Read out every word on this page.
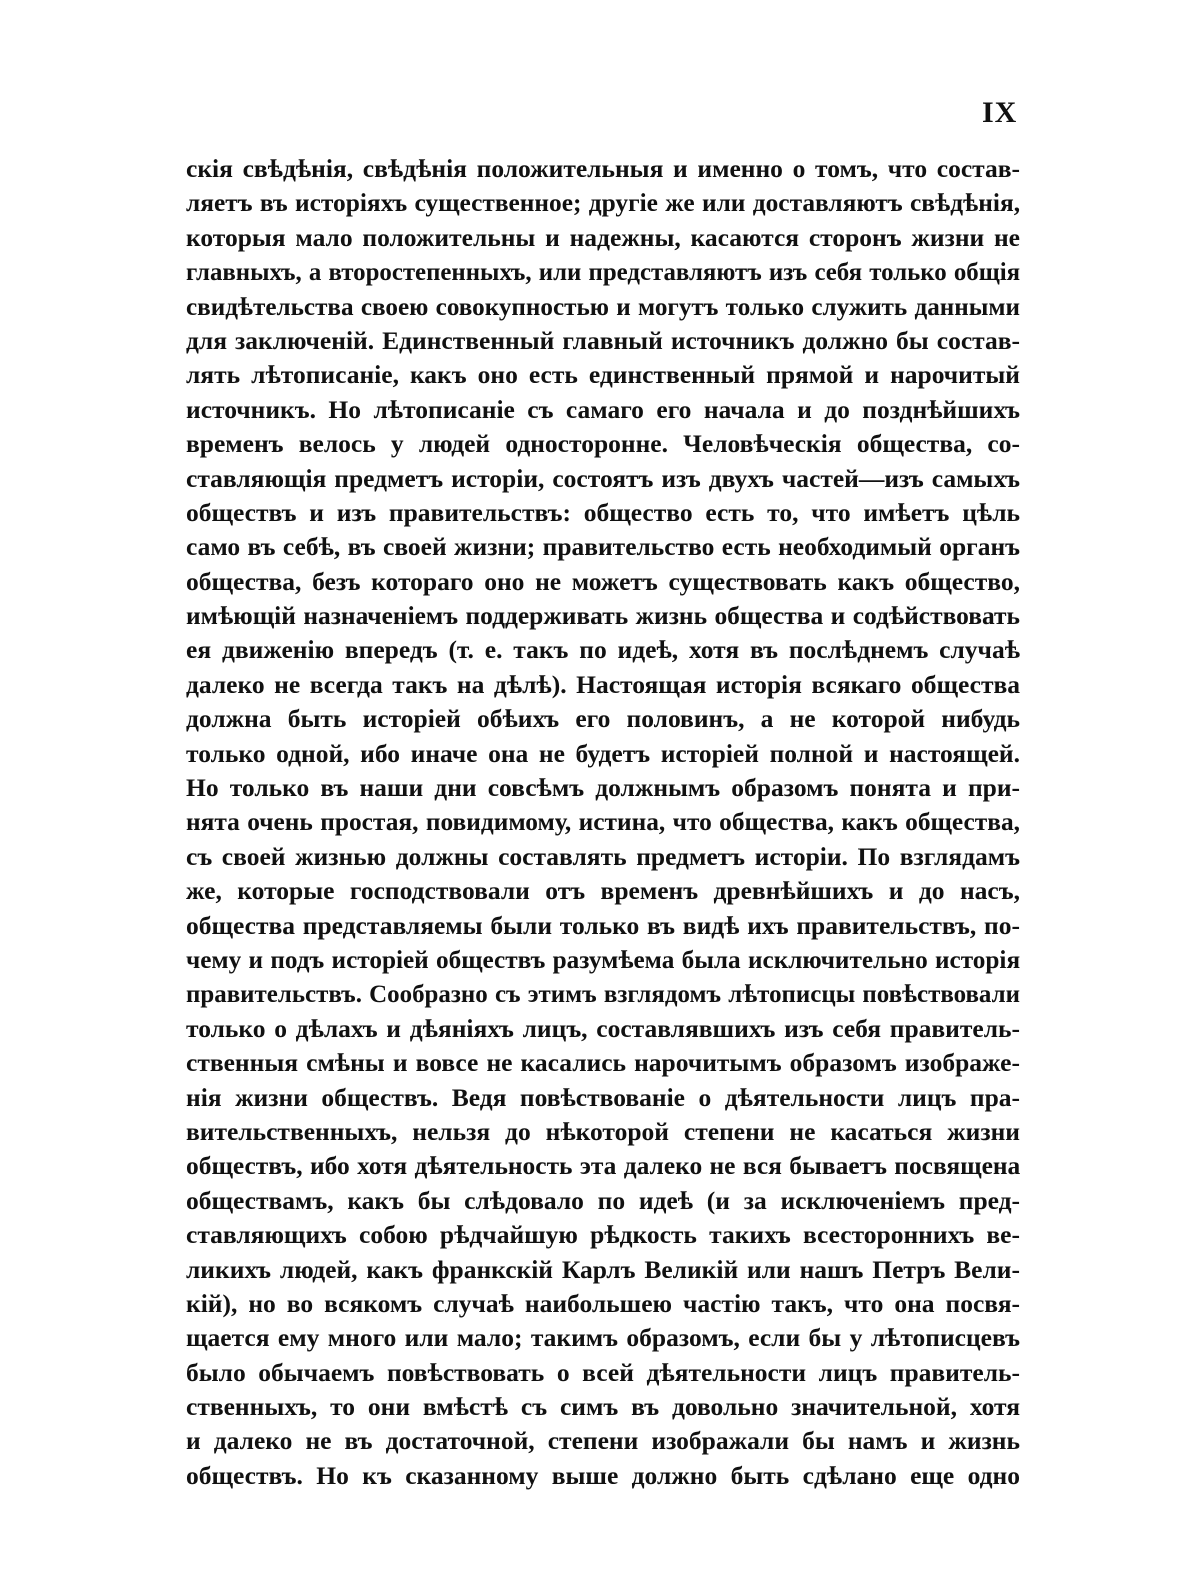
IX
скія свѣдѣнія, свѣдѣнія положительныя и именно о томъ, что состав-
ляетъ въ исторіяхъ существенное; другіе же или доставляютъ свѣдѣнія,
которыя мало положительны и надежны, касаются сторонъ жизни не
главныхъ, а второстепенныхъ, или представляютъ изъ себя только общія
свидѣтельства своею совокупностью и могутъ только служить данными
для заключеній. Единственный главный источникъ должно бы состав-
лять лѣтописаніе, какъ оно есть единственный прямой и нарочитый
источникъ. Но лѣтописаніе съ самаго его начала и до позднѣйшихъ
временъ велось у людей односторонне. Человѣческія общества, со-
ставляющія предметъ исторіи, состоятъ изъ двухъ частей—изъ самыхъ
обществъ и изъ правительствъ: общество есть то, что имѣетъ цѣль
само въ себѣ, въ своей жизни; правительство есть необходимый органъ
общества, безъ котораго оно не можетъ существовать какъ общество,
имѣющій назначеніемъ поддерживать жизнь общества и содѣйствовать
ея движенію впередъ (т. е. такъ по идеѣ, хотя въ послѣднемъ случаѣ
далеко не всегда такъ на дѣлѣ). Настоящая исторія всякаго общества
должна быть исторіей обѣихъ его половинъ, а не которой нибудь
только одной, ибо иначе она не будетъ исторіей полной и настоящей.
Но только въ наши дни совсѣмъ должнымъ образомъ понята и при-
нята очень простая, повидимому, истина, что общества, какъ общества,
съ своей жизнью должны составлять предметъ исторіи. По взглядамъ
же, которые господствовали отъ временъ древнѣйшихъ и до насъ,
общества представляемы были только въ видѣ ихъ правительствъ, по-
чему и подъ исторіей обществъ разумѣема была исключительно исторія
правительствъ. Сообразно съ этимъ взглядомъ лѣтописцы повѣствовали
только о дѣлахъ и дѣяніяхъ лицъ, составлявшихъ изъ себя правитель-
ственныя смѣны и вовсе не касались нарочитымъ образомъ изображе-
нія жизни обществъ. Ведя повѣствованіе о дѣятельности лицъ пра-
вительственныхъ, нельзя до нѣкоторой степени не касаться жизни
обществъ, ибо хотя дѣятельность эта далеко не вся бываетъ посвящена
обществамъ, какъ бы слѣдовало по идеѣ (и за исключеніемъ пред-
ставляющихъ собою рѣдчайшую рѣдкость такихъ всестороннихъ ве-
ликихъ людей, какъ франкскій Карлъ Великій или нашъ Петръ Вели-
кій), но во всякомъ случаѣ наибольшею частію такъ, что она посвя-
щается ему много или мало; такимъ образомъ, если бы у лѣтописцевъ
было обычаемъ повѣствовать о всей дѣятельности лицъ правитель-
ственныхъ, то они вмѣстѣ съ симъ въ довольно значительной, хотя
и далеко не въ достаточной, степени изображали бы намъ и жизнь
обществъ. Но къ сказанному выше должно быть сдѣлано еще одно
